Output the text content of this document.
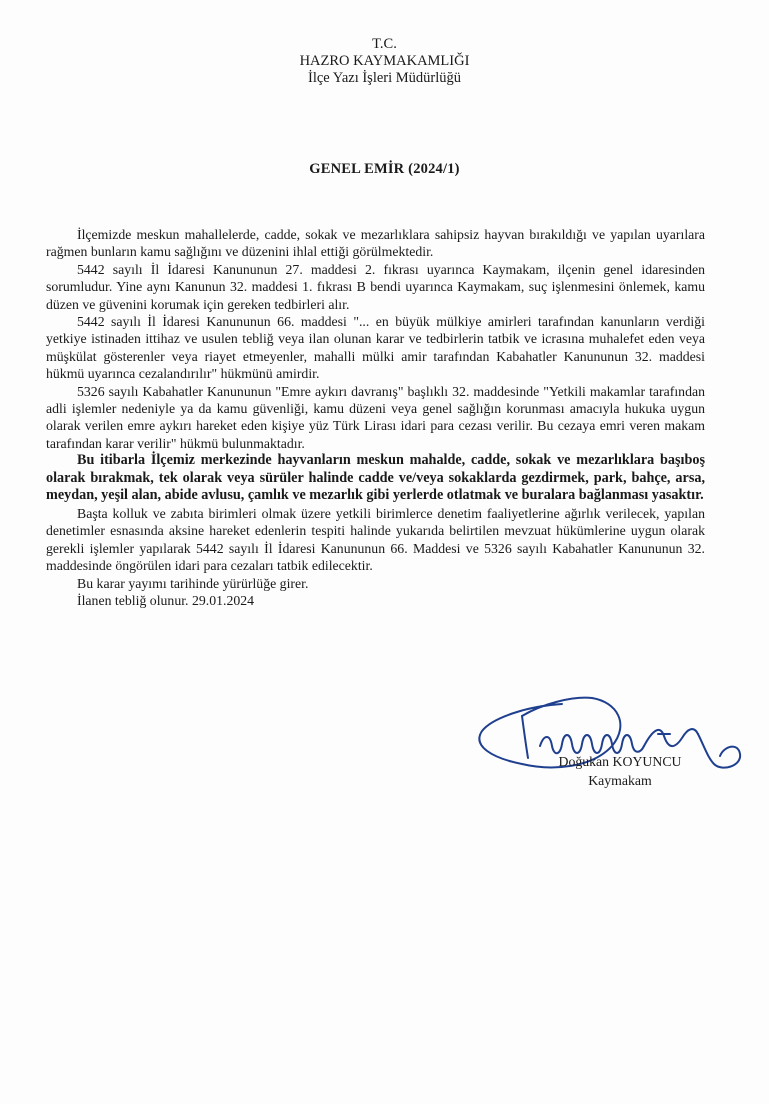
T.C.
HAZRO KAYMAKAMLIĞI
İlçe Yazı İşleri Müdürlüğü
GENEL EMİR (2024/1)

İlçemizde meskun mahallelerde, cadde, sokak ve mezarlıklara sahipsiz hayvan bırakıldığı ve yapılan uyarılara rağmen bunların kamu sağlığını ve düzenini ihlal ettiği görülmektedir.

5442 sayılı İl İdaresi Kanununun 27. maddesi 2. fıkrası uyarınca Kaymakam, ilçenin genel idaresinden sorumludur. Yine aynı Kanunun 32. maddesi 1. fıkrası B bendi uyarınca Kaymakam, suç işlenmesini önlemek, kamu düzen ve güvenini korumak için gereken tedbirleri alır.

5442 sayılı İl İdaresi Kanununun 66. maddesi "... en büyük mülkiye amirleri tarafından kanunların verdiği yetkiye istinaden ittihaz ve usulen tebliğ veya ilan olunan karar ve tedbirlerin tatbik ve icrasına muhalefet eden veya müşkülat gösterenler veya riayet etmeyenler, mahalli mülki amir tarafından Kabahatler Kanununun 32. maddesi hükmü uyarınca cezalandırılır" hükmünü amirdir.

5326 sayılı Kabahatler Kanununun "Emre aykırı davranış" başlıklı 32. maddesinde "Yetkili makamlar tarafından adli işlemler nedeniyle ya da kamu güvenliği, kamu düzeni veya genel sağlığın korunması amacıyla hukuka uygun olarak verilen emre aykırı hareket eden kişiye yüz Türk Lirası idari para cezası verilir. Bu cezaya emri veren makam tarafından karar verilir" hükmü bulunmaktadır.

Bu itibarla İlçemiz merkezinde hayvanların meskun mahalde, cadde, sokak ve mezarlıklara başıboş olarak bırakmak, tek olarak veya sürüler halinde cadde ve/veya sokaklarda gezdirmek, park, bahçe, arsa, meydan, yeşil alan, abide avlusu, çamlık ve mezarlık gibi yerlerde otlatmak ve buralara bağlanması yasaktır.

Başta kolluk ve zabıta birimleri olmak üzere yetkili birimlerce denetim faaliyetlerine ağırlık verilecek, yapılan denetimler esnasında aksine hareket edenlerin tespiti halinde yukarıda belirtilen mevzuat hükümlerine uygun olarak gerekli işlemler yapılarak 5442 sayılı İl İdaresi Kanununun 66. Maddesi ve 5326 sayılı Kabahatler Kanununun 32. maddesinde öngörülen idari para cezaları tatbik edilecektir.

Bu karar yayımı tarihinde yürürlüğe girer.

İlanen tebliğ olunur. 29.01.2024

Doğukan KOYUNCU
Kaymakam
